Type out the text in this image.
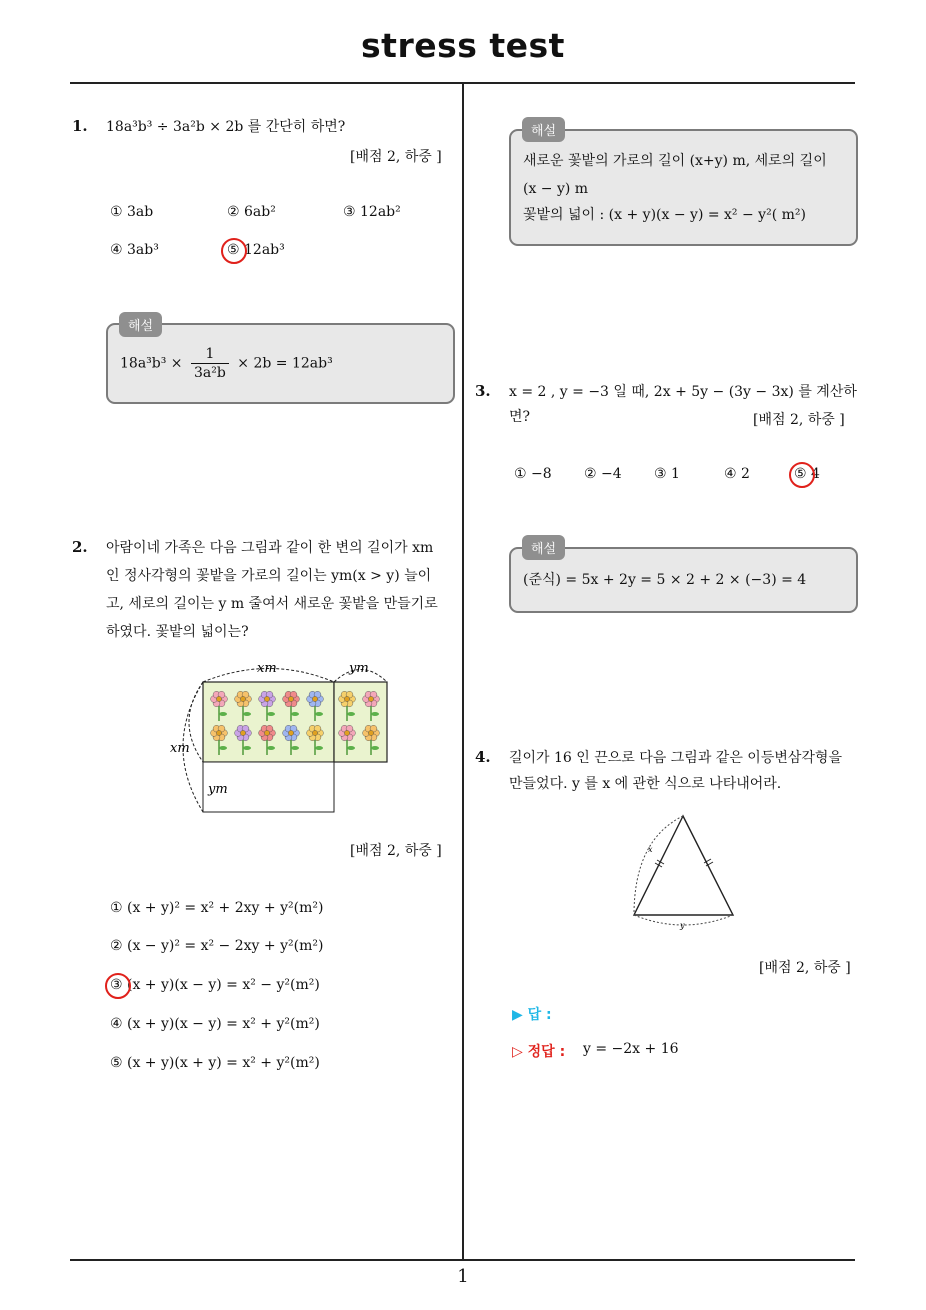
stress test
1
1. 18a³b³ ÷ 3a²b × 2b 를 간단히 하면?
[배점 2, 하중 ]
① 3ab	② 6ab²	③ 12ab²
④ 3ab³	⑤ 12ab³
$18a^3b^3 \times \frac{1}{\text{3a²b}} \times 2b = 12ab^3$
해설
2. 아람이네 가족은 다음 그림과 같이 한 변의 길이가 xm
인 정사각형의 꽃밭을 가로의 길이는 ym(x > y) 늘이
고, 세로의 길이는 y m 줄여서 새로운 꽃밭을 만들기로
하였다. 꽃밭의 넓이는?
xm	ym
xm
ym
[배점 2, 하중 ]
① (x + y)² = x² + 2xy + y²(m²)
② (x − y)² = x² − 2xy + y²(m²)
③ (x + y)(x − y) = x² − y²(m²)
④ (x + y)(x − y) = x² + y²(m²)
⑤ (x + y)(x + y) = x² + y²(m²)
새로운 꽃밭의 가로의 길이 (x+y) m, 세로의 길이
(x − y) m
꽃밭의 넓이 : (x + y)(x − y) = x² − y²( m²)
해설
3. x = 2 , y = −3 일 때, 2x + 5y − (3y − 3x) 를 계산하
면?	[배점 2, 하중 ]
① −8 ② −4 ③ 1	④ 2	⑤ 4
(준식) = 5x + 2y = 5 × 2 + 2 × (−3) = 4
해설
4. 길이가 16 인 끈으로 다음 그림과 같은 이등변삼각형을
만들었다. y 를 x 에 관한 식으로 나타내어라.
x
y
[배점 2, 하중 ]
▶ 답 :
▷ 정답 : y = −2x + 16
